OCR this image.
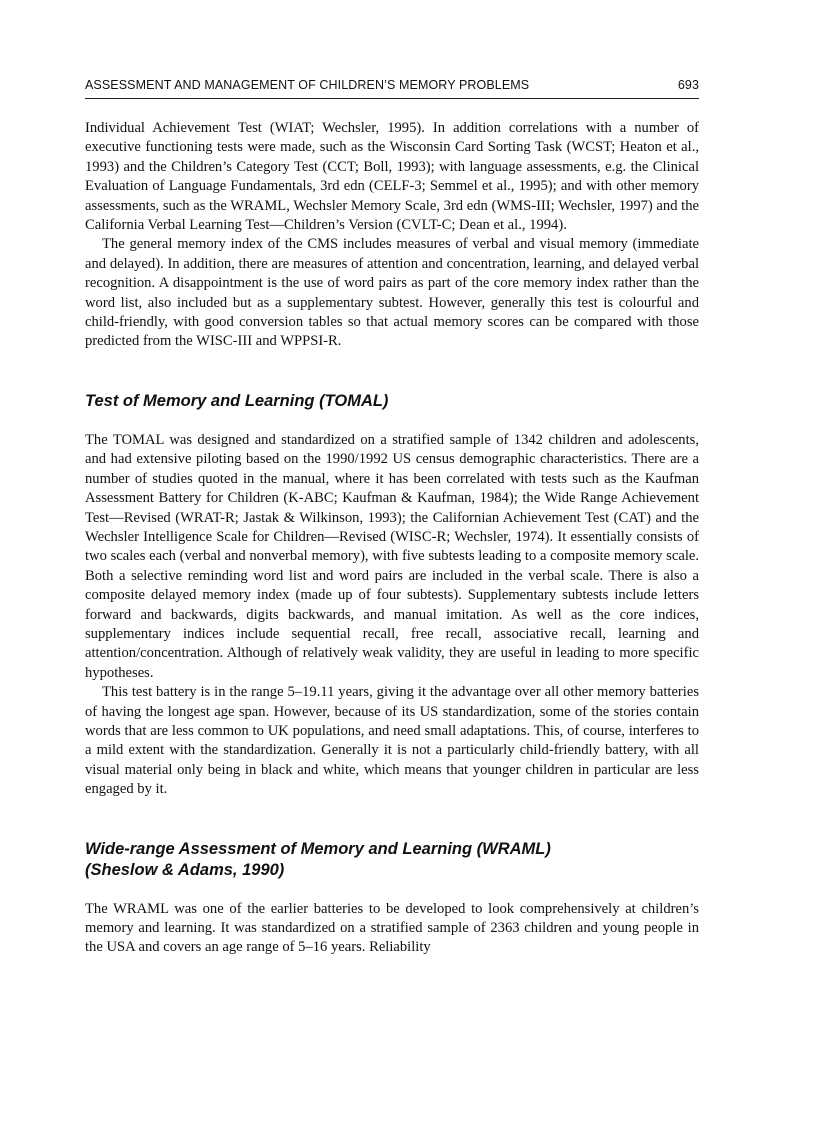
ASSESSMENT AND MANAGEMENT OF CHILDREN’S MEMORY PROBLEMS	693

Individual Achievement Test (WIAT; Wechsler, 1995). In addition correlations with a number of executive functioning tests were made, such as the Wisconsin Card Sorting Task (WCST; Heaton et al., 1993) and the Children’s Category Test (CCT; Boll, 1993); with language assessments, e.g. the Clinical Evaluation of Language Fundamentals, 3rd edn (CELF-3; Semmel et al., 1995); and with other memory assessments, such as the WRAML, Wechsler Memory Scale, 3rd edn (WMS-III; Wechsler, 1997) and the California Verbal Learning Test—Children’s Version (CVLT-C; Dean et al., 1994).

The general memory index of the CMS includes measures of verbal and visual memory (immediate and delayed). In addition, there are measures of attention and concentration, learning, and delayed verbal recognition. A disappointment is the use of word pairs as part of the core memory index rather than the word list, also included but as a supplementary subtest. However, generally this test is colourful and child-friendly, with good conversion tables so that actual memory scores can be compared with those predicted from the WISC-III and WPPSI-R.

Test of Memory and Learning (TOMAL)

The TOMAL was designed and standardized on a stratified sample of 1342 children and adolescents, and had extensive piloting based on the 1990/1992 US census demographic characteristics. There are a number of studies quoted in the manual, where it has been correlated with tests such as the Kaufman Assessment Battery for Children (K-ABC; Kaufman & Kaufman, 1984); the Wide Range Achievement Test—Revised (WRAT-R; Jastak & Wilkinson, 1993); the Californian Achievement Test (CAT) and the Wechsler Intelligence Scale for Children—Revised (WISC-R; Wechsler, 1974). It essentially consists of two scales each (verbal and nonverbal memory), with five subtests leading to a composite memory scale. Both a selective reminding word list and word pairs are included in the verbal scale. There is also a composite delayed memory index (made up of four subtests). Supplementary subtests include letters forward and backwards, digits backwards, and manual imitation. As well as the core indices, supplementary indices include sequential recall, free recall, associative recall, learning and attention/concentration. Although of relatively weak validity, they are useful in leading to more specific hypotheses.

This test battery is in the range 5–19.11 years, giving it the advantage over all other memory batteries of having the longest age span. However, because of its US standardization, some of the stories contain words that are less common to UK populations, and need small adaptations. This, of course, interferes to a mild extent with the standardization. Generally it is not a particularly child-friendly battery, with all visual material only being in black and white, which means that younger children in particular are less engaged by it.

Wide-range Assessment of Memory and Learning (WRAML)
(Sheslow & Adams, 1990)

The WRAML was one of the earlier batteries to be developed to look comprehensively at children’s memory and learning. It was standardized on a stratified sample of 2363 children and young people in the USA and covers an age range of 5–16 years. Reliability
